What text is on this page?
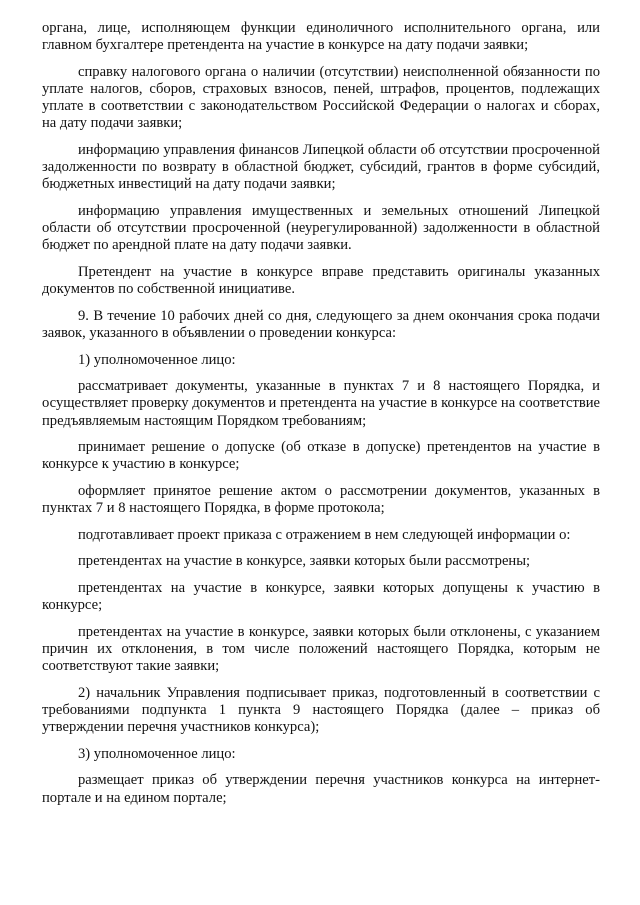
органа, лице, исполняющем функции единоличного исполнительного органа, или главном бухгалтере претендента на участие в конкурсе на дату подачи заявки;

справку налогового органа о наличии (отсутствии) неисполненной обязанности по уплате налогов, сборов, страховых взносов, пеней, штрафов, процентов, подлежащих уплате в соответствии с законодательством Российской Федерации о налогах и сборах, на дату подачи заявки;

информацию управления финансов Липецкой области об отсутствии просроченной задолженности по возврату в областной бюджет, субсидий, грантов в форме субсидий, бюджетных инвестиций на дату подачи заявки;

информацию управления имущественных и земельных отношений Липецкой области об отсутствии просроченной (неурегулированной) задолженности в областной бюджет по арендной плате на дату подачи заявки.

Претендент на участие в конкурсе вправе представить оригиналы указанных документов по собственной инициативе.

9. В течение 10 рабочих дней со дня, следующего за днем окончания срока подачи заявок, указанного в объявлении о проведении конкурса:

1) уполномоченное лицо:

рассматривает документы, указанные в пунктах 7 и 8 настоящего Порядка, и осуществляет проверку документов и претендента на участие в конкурсе на соответствие предъявляемым настоящим Порядком требованиям;

принимает решение о допуске (об отказе в допуске) претендентов на участие в конкурсе к участию в конкурсе;

оформляет принятое решение актом о рассмотрении документов, указанных в пунктах 7 и 8 настоящего Порядка, в форме протокола;

подготавливает проект приказа с отражением в нем следующей информации о:

претендентах на участие в конкурсе, заявки которых были рассмотрены;

претендентах на участие в конкурсе, заявки которых допущены к участию в конкурсе;

претендентах на участие в конкурсе, заявки которых были отклонены, с указанием причин их отклонения, в том числе положений настоящего Порядка, которым не соответствуют такие заявки;

2) начальник Управления подписывает приказ, подготовленный в соответствии с требованиями подпункта 1 пункта 9 настоящего Порядка (далее – приказ об утверждении перечня участников конкурса);

3) уполномоченное лицо:

размещает приказ об утверждении перечня участников конкурса на интернет-портале и на едином портале;
